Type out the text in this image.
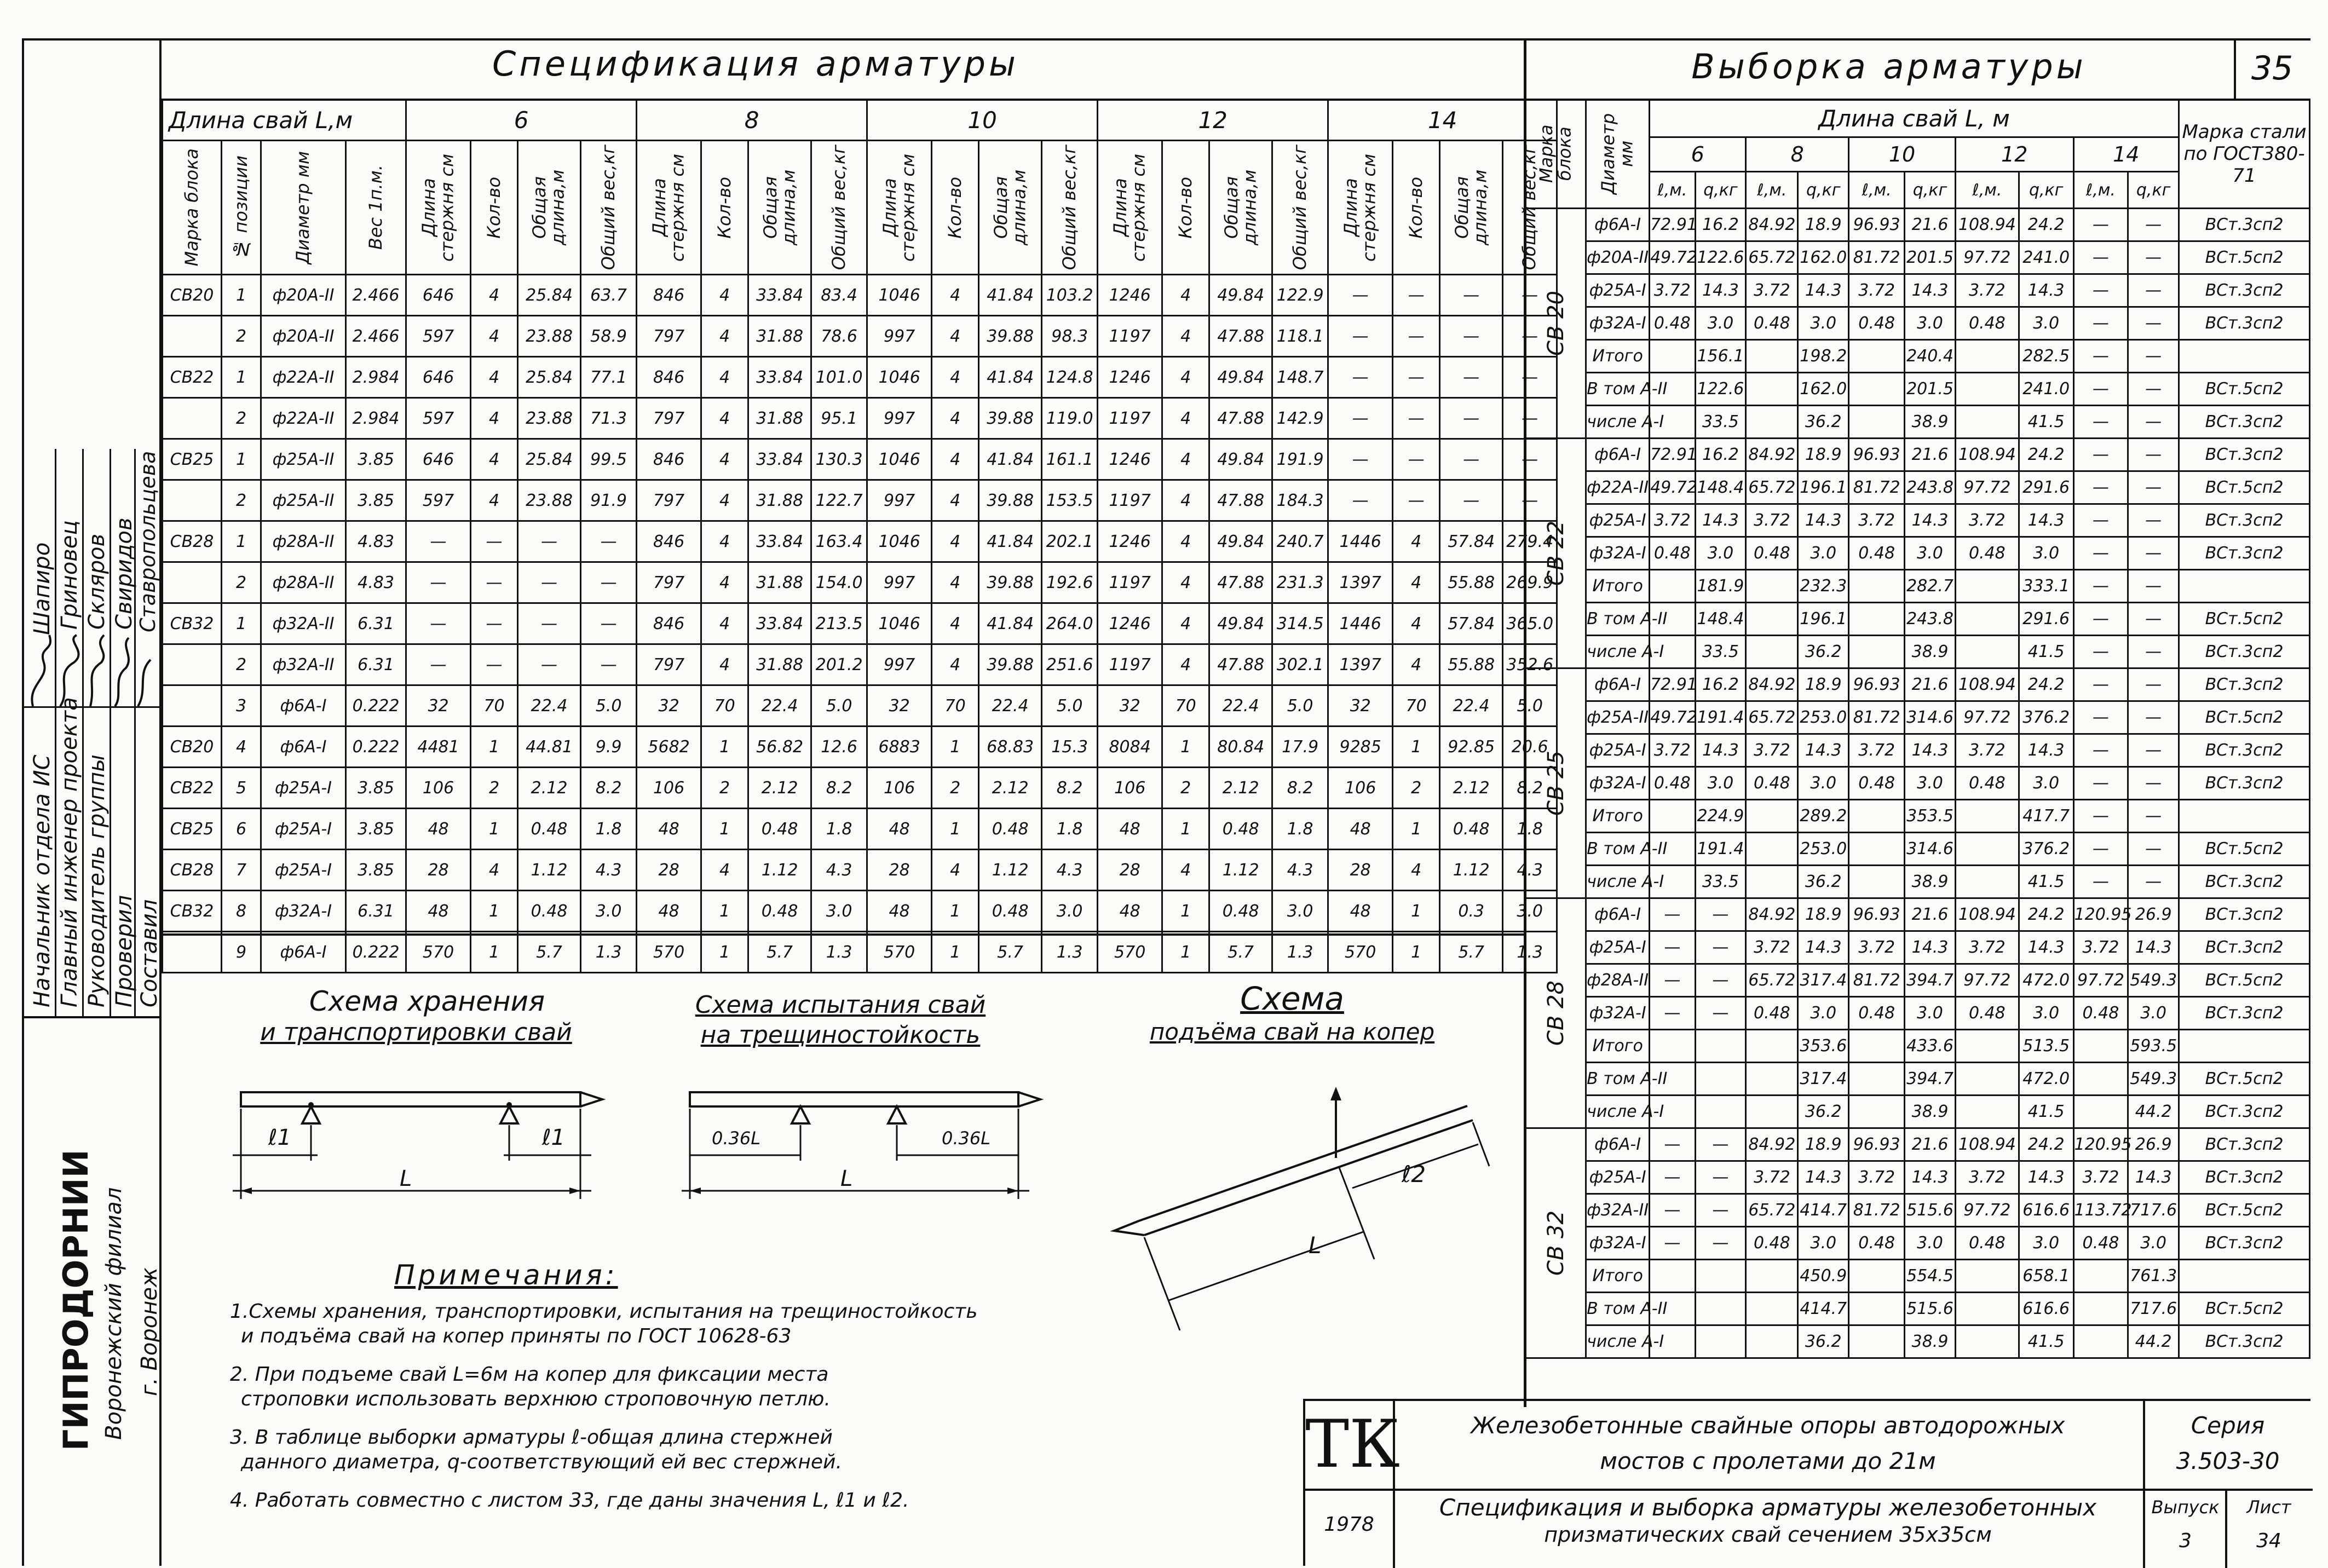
Спецификация арматуры	Выборка арматуры	35
Начальник отдела ИС Главный инженер проекта Руководитель группы Проверил Составил
Шапиро Гриновец Скляров Свиридов
Ставропольцева
ГИПРОДОРНИИ Воронежский филиал г. Воронеж
Длина свай L,м				6				8				10				12				14			

Марка блока	№ позиции	Диаметр мм	Вес 1п.м.	Длина стержня см	Кол-во	Общая длина,м	Общий вес,кг	Длина стержня см	Кол-во	Общая длина,м	Общий вес,кг	Длина стержня см	Кол-во	Общая длина,м	Общий вес,кг	Длина стержня см	Кол-во	Общая длина,м	Общий вес,кг	Длина стержня см	Кол-во	Общая длина,м	Общий вес,кг

СВ20	1	ф20А-II	2.466	646	4	25.84	63.7	846	4	33.84	83.4	1046	4	41.84	103.2	1246	4	49.84	122.9	—	—	—	—
	2	ф20А-II	2.466	597	4	23.88	58.9	797	4	31.88	78.6	997	4	39.88	98.3	1197	4	47.88	118.1	—	—	—	—
СВ22	1	ф22А-II	2.984	646	4	25.84	77.1	846	4	33.84	101.0	1046	4	41.84	124.8	1246	4	49.84	148.7	—	—	—	—
	2	ф22А-II	2.984	597	4	23.88	71.3	797	4	31.88	95.1	997	4	39.88	119.0	1197	4	47.88	142.9	—	—	—	—
СВ25	1	ф25А-II	3.85	646	4	25.84	99.5	846	4	33.84	130.3	1046	4	41.84	161.1	1246	4	49.84	191.9	—	—	—	—
	2	ф25А-II	3.85	597	4	23.88	91.9	797	4	31.88	122.7	997	4	39.88	153.5	1197	4	47.88	184.3	—	—	—	—
СВ28	1	ф28А-II	4.83	—	—	—	—	846	4	33.84	163.4	1046	4	41.84	202.1	1246	4	49.84	240.7	1446	4	57.84	279.4
	2	ф28А-II	4.83	—	—	—	—	797	4	31.88	154.0	997	4	39.88	192.6	1197	4	47.88	231.3	1397	4	55.88	269.9
СВ32	1	ф32А-II	6.31	—	—	—	—	846	4	33.84	213.5	1046	4	41.84	264.0	1246	4	49.84	314.5	1446	4	57.84	365.0
	2	ф32А-II	6.31	—	—	—	—	797	4	31.88	201.2	997	4	39.88	251.6	1197	4	47.88	302.1	1397	4	55.88	352.6
	3	ф6А-I	0.222	32	70	22.4	5.0	32	70	22.4	5.0	32	70	22.4	5.0	32	70	22.4	5.0	32	70	22.4	5.0
СВ20	4	ф6А-I	0.222	4481	1	44.81	9.9	5682	1	56.82	12.6	6883	1	68.83	15.3	8084	1	80.84	17.9	9285	1	92.85	20.6
СВ22	5	ф25А-I	3.85	106	2	2.12	8.2	106	2	2.12	8.2	106	2	2.12	8.2	106	2	2.12	8.2	106	2	2.12	8.2
СВ25	6	ф25А-I	3.85	48	1	0.48	1.8	48	1	0.48	1.8	48	1	0.48	1.8	48	1	0.48	1.8	48	1	0.48	1.8
СВ28	7	ф25А-I	3.85	28	4	1.12	4.3	28	4	1.12	4.3	28	4	1.12	4.3	28	4	1.12	4.3	28	4	1.12	4.3
СВ32	8	ф32А-I	6.31	48	1	0.48	3.0	48	1	0.48	3.0	48	1	0.48	3.0	48	1	0.48	3.0	48	1	0.3	3.0
	9	ф6А-I	0.222	570	1	5.7	1.3	570	1	5.7	1.3	570	1	5.7	1.3	570	1	5.7	1.3	570	1	5.7	1.3
Марка блока	Диаметр мм	Длина свай L, м										Марка стали по ГОСТ380-71
		6		8		10		12		14		
		ℓ,м.	q,кг	ℓ,м.	q,кг	ℓ,м.	q,кг	ℓ,м.	q,кг	ℓ,м.	q,кг	

СВ 20	ф6А-I	72.91	16.2	84.92	18.9	96.93	21.6	108.94	24.2	—	—	ВСт.3сп2
	ф20А-II	49.72	122.6	65.72	162.0	81.72	201.5	97.72	241.0	—	—	ВСт.5сп2
	ф25А-I	3.72	14.3	3.72	14.3	3.72	14.3	3.72	14.3	—	—	ВСт.3сп2
	ф32А-I	0.48	3.0	0.48	3.0	0.48	3.0	0.48	3.0	—	—	ВСт.3сп2
	Итого		156.1		198.2		240.4		282.5	—	—	
	В том А-II		122.6		162.0		201.5		241.0	—	—	ВСт.5сп2
	числе А-I		33.5		36.2		38.9		41.5	—	—	ВСт.3сп2

СВ 22	ф6А-I	72.91	16.2	84.92	18.9	96.93	21.6	108.94	24.2	—	—	ВСт.3сп2
	ф22А-II	49.72	148.4	65.72	196.1	81.72	243.8	97.72	291.6	—	—	ВСт.5сп2
	ф25А-I	3.72	14.3	3.72	14.3	3.72	14.3	3.72	14.3	—	—	ВСт.3сп2
	ф32А-I	0.48	3.0	0.48	3.0	0.48	3.0	0.48	3.0	—	—	ВСт.3сп2
	Итого		181.9		232.3		282.7		333.1	—	—	
	В том А-II		148.4		196.1		243.8		291.6	—	—	ВСт.5сп2
	числе А-I		33.5		36.2		38.9		41.5	—	—	ВСт.3сп2

СВ 25	ф6А-I	72.91	16.2	84.92	18.9	96.93	21.6	108.94	24.2	—	—	ВСт.3сп2
	ф25А-II	49.72	191.4	65.72	253.0	81.72	314.6	97.72	376.2	—	—	ВСт.5сп2
	ф25А-I	3.72	14.3	3.72	14.3	3.72	14.3	3.72	14.3	—	—	ВСт.3сп2
	ф32А-I	0.48	3.0	0.48	3.0	0.48	3.0	0.48	3.0	—	—	ВСт.3сп2
	Итого		224.9		289.2		353.5		417.7	—	—	
	В том А-II		191.4		253.0		314.6		376.2	—	—	ВСт.5сп2
	числе А-I		33.5		36.2		38.9		41.5	—	—	ВСт.3сп2

СВ 28	ф6А-I	—	—	84.92	18.9	96.93	21.6	108.94	24.2	120.95	26.9	ВСт.3сп2
	ф25А-I	—	—	3.72	14.3	3.72	14.3	3.72	14.3	3.72	14.3	ВСт.3сп2
	ф28А-II	—	—	65.72	317.4	81.72	394.7	97.72	472.0	97.72	549.3	ВСт.5сп2
	ф32А-I	—	—	0.48	3.0	0.48	3.0	0.48	3.0	0.48	3.0	ВСт.3сп2
	Итого				353.6		433.6		513.5		593.5	
	В том А-II				317.4		394.7		472.0		549.3	ВСт.5сп2
	числе А-I				36.2		38.9		41.5		44.2	ВСт.3сп2

СВ 32	ф6А-I	—	—	84.92	18.9	96.93	21.6	108.94	24.2	120.95	26.9	ВСт.3сп2
	ф25А-I	—	—	3.72	14.3	3.72	14.3	3.72	14.3	3.72	14.3	ВСт.3сп2
	ф32А-II	—	—	65.72	414.7	81.72	515.6	97.72	616.6	113.72	717.6	ВСт.5сп2
	ф32А-I	—	—	0.48	3.0	0.48	3.0	0.48	3.0	0.48	3.0	ВСт.3сп2
	Итого				450.9		554.5		658.1		761.3	
	В том А-II				414.7		515.6		616.6		717.6	ВСт.5сп2
	числе А-I				36.2		38.9		41.5		44.2	ВСт.3сп2
Схема хранения
и транспортировки свай
Схема испытания свай
на трещиностойкость
Схема
подъёма свай на копер
ℓ1	ℓ1
L
0.36L	0.36L
L	ℓ2
L
Примечания:
1.Схемы хранения, транспортировки, испытания на трещиностойкость
и подъёма свай на копер приняты по ГОСТ 10628-63
2. При подъеме свай L=6м на копер для фиксации места
строповки использовать верхнюю строповочную петлю.
3. В таблице выборки арматуры ℓ-общая длина стержней
данного диаметра, q-соответствующий ей вес стержней.
4. Работать совместно с листом 33, где даны значения L, ℓ1 и ℓ2.
ТК
1978
Железобетонные свайные опоры автодорожных
мостов с пролетами до 21м
Спецификация и выборка арматуры железобетонных
призматических свай сечением 35х35см
Серия
3.503-30
Выпуск
3
Лист
34
